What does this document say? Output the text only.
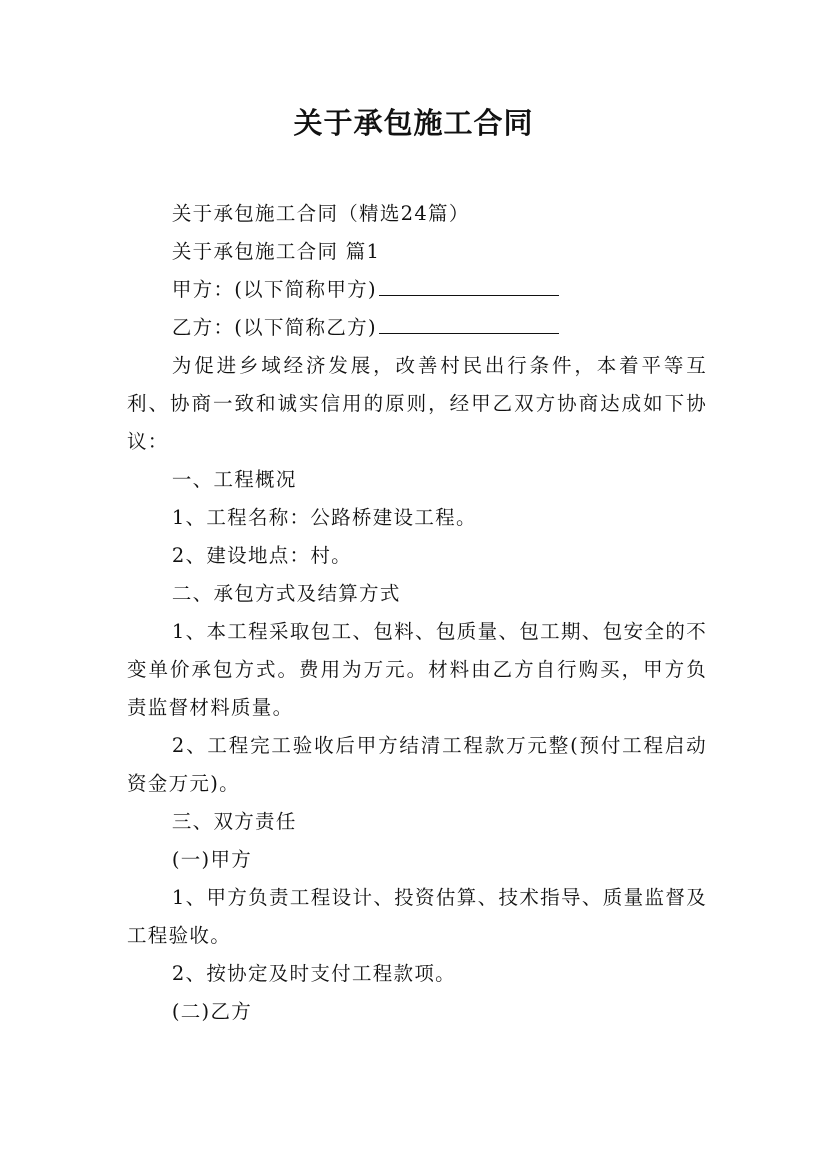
关于承包施工合同

关于承包施工合同（精选24篇）

关于承包施工合同 篇1

甲方：(以下简称甲方)

乙方：(以下简称乙方)

为促进乡域经济发展，改善村民出行条件，本着平等互利、协商一致和诚实信用的原则，经甲乙双方协商达成如下协议：

一、工程概况

1、工程名称：公路桥建设工程。

2、建设地点：村。

二、承包方式及结算方式

1、本工程采取包工、包料、包质量、包工期、包安全的不变单价承包方式。费用为万元。材料由乙方自行购买，甲方负责监督材料质量。

2、工程完工验收后甲方结清工程款万元整(预付工程启动资金万元)。

三、双方责任

(一)甲方

1、甲方负责工程设计、投资估算、技术指导、质量监督及工程验收。

2、按协定及时支付工程款项。

(二)乙方
